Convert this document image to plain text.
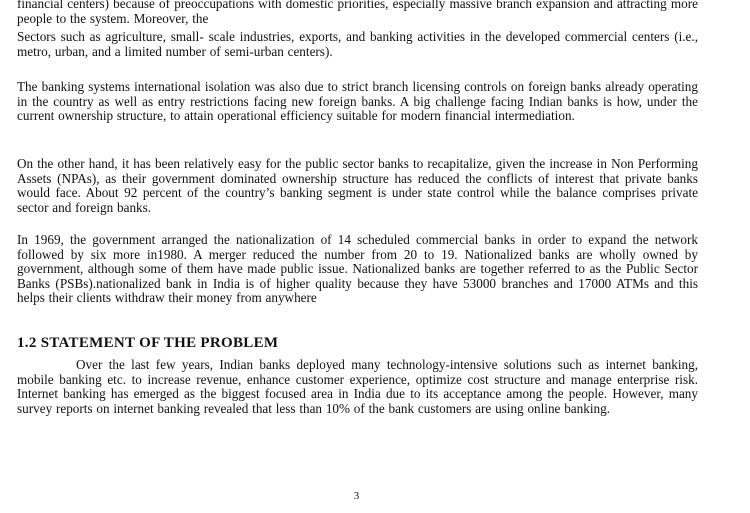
financial centers) because of preoccupations with domestic priorities, especially massive branch expansion and attracting more people to the system. Moreover, the

Sectors such as agriculture, small- scale industries, exports, and banking activities in the developed commercial centers (i.e., metro, urban, and a limited number of semi-urban centers).

The banking systems international isolation was also due to strict branch licensing controls on foreign banks already operating in the country as well as entry restrictions facing new foreign banks. A big challenge facing Indian banks is how, under the current ownership structure, to attain operational efficiency suitable for modern financial intermediation.

On the other hand, it has been relatively easy for the public sector banks to recapitalize, given the increase in Non Performing Assets (NPAs), as their government dominated ownership structure has reduced the conflicts of interest that private banks would face. About 92 percent of the country’s banking segment is under state control while the balance comprises private sector and foreign banks.

In 1969, the government arranged the nationalization of 14 scheduled commercial banks in order to expand the network followed by six more in1980. A merger reduced the number from 20 to 19. Nationalized banks are wholly owned by government, although some of them have made public issue. Nationalized banks are together referred to as the Public Sector Banks (PSBs).nationalized bank in India is of higher quality because they have 53000 branches and 17000 ATMs and this helps their clients withdraw their money from anywhere

1.2 STATEMENT OF THE PROBLEM

Over the last few years, Indian banks deployed many technology-intensive solutions such as internet banking, mobile banking etc. to increase revenue, enhance customer experience, optimize cost structure and manage enterprise risk. Internet banking has emerged as the biggest focused area in India due to its acceptance among the people. However, many survey reports on internet banking revealed that less than 10% of the bank customers are using online banking.

3
